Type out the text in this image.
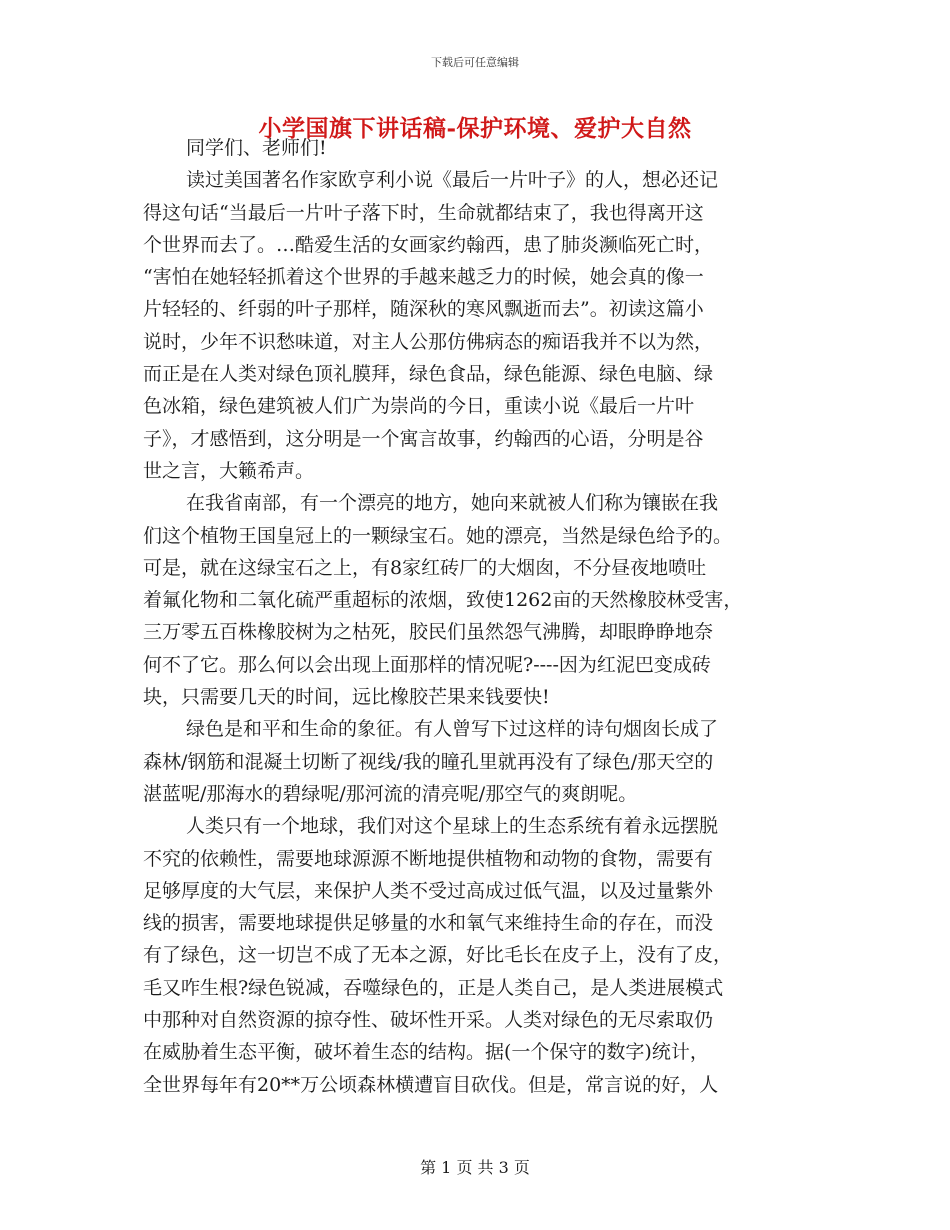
下载后可任意编辑
小学国旗下讲话稿-保护环境、爱护大自然
同学们、老师们!
读过美国著名作家欧亨利小说《最后一片叶子》的人，想必还记
得这句话“当最后一片叶子落下时，生命就都结束了，我也得离开这
个世界而去了。…酷爱生活的女画家约翰西，患了肺炎濒临死亡时，
“害怕在她轻轻抓着这个世界的手越来越乏力的时候，她会真的像一
片轻轻的、纤弱的叶子那样，随深秋的寒风飘逝而去”。初读这篇小
说时，少年不识愁味道，对主人公那仿佛病态的痴语我并不以为然，
而正是在人类对绿色顶礼膜拜，绿色食品，绿色能源、绿色电脑、绿
色冰箱，绿色建筑被人们广为崇尚的今日，重读小说《最后一片叶
子》，才感悟到，这分明是一个寓言故事，约翰西的心语，分明是谷
世之言，大籁希声。
在我省南部，有一个漂亮的地方，她向来就被人们称为镶嵌在我
们这个植物王国皇冠上的一颗绿宝石。她的漂亮，当然是绿色给予的。
可是，就在这绿宝石之上，有8家红砖厂的大烟囱，不分昼夜地喷吐
着氟化物和二氧化硫严重超标的浓烟，致使1262亩的天然橡胶林受害，
三万零五百株橡胶树为之枯死，胶民们虽然怨气沸腾，却眼睁睁地奈
何不了它。那么何以会出现上面那样的情况呢?----因为红泥巴变成砖
块，只需要几天的时间，远比橡胶芒果来钱要快!
绿色是和平和生命的象征。有人曾写下过这样的诗句烟囱长成了
森林/钢筋和混凝土切断了视线/我的瞳孔里就再没有了绿色/那天空的
湛蓝呢/那海水的碧绿呢/那河流的清亮呢/那空气的爽朗呢。
人类只有一个地球，我们对这个星球上的生态系统有着永远摆脱
不究的依赖性，需要地球源源不断地提供植物和动物的食物，需要有
足够厚度的大气层，来保护人类不受过高成过低气温，以及过量紫外
线的损害，需要地球提供足够量的水和氧气来维持生命的存在，而没
有了绿色，这一切岂不成了无本之源，好比毛长在皮子上，没有了皮，
毛又咋生根?绿色锐减，吞噬绿色的，正是人类自己，是人类进展模式
中那种对自然资源的掠夺性、破坏性开采。人类对绿色的无尽索取仍
在威胁着生态平衡，破坏着生态的结构。据(一个保守的数字)统计，
全世界每年有20**万公顷森林横遭盲目砍伐。但是，常言说的好，人
第 1 页 共 3 页
